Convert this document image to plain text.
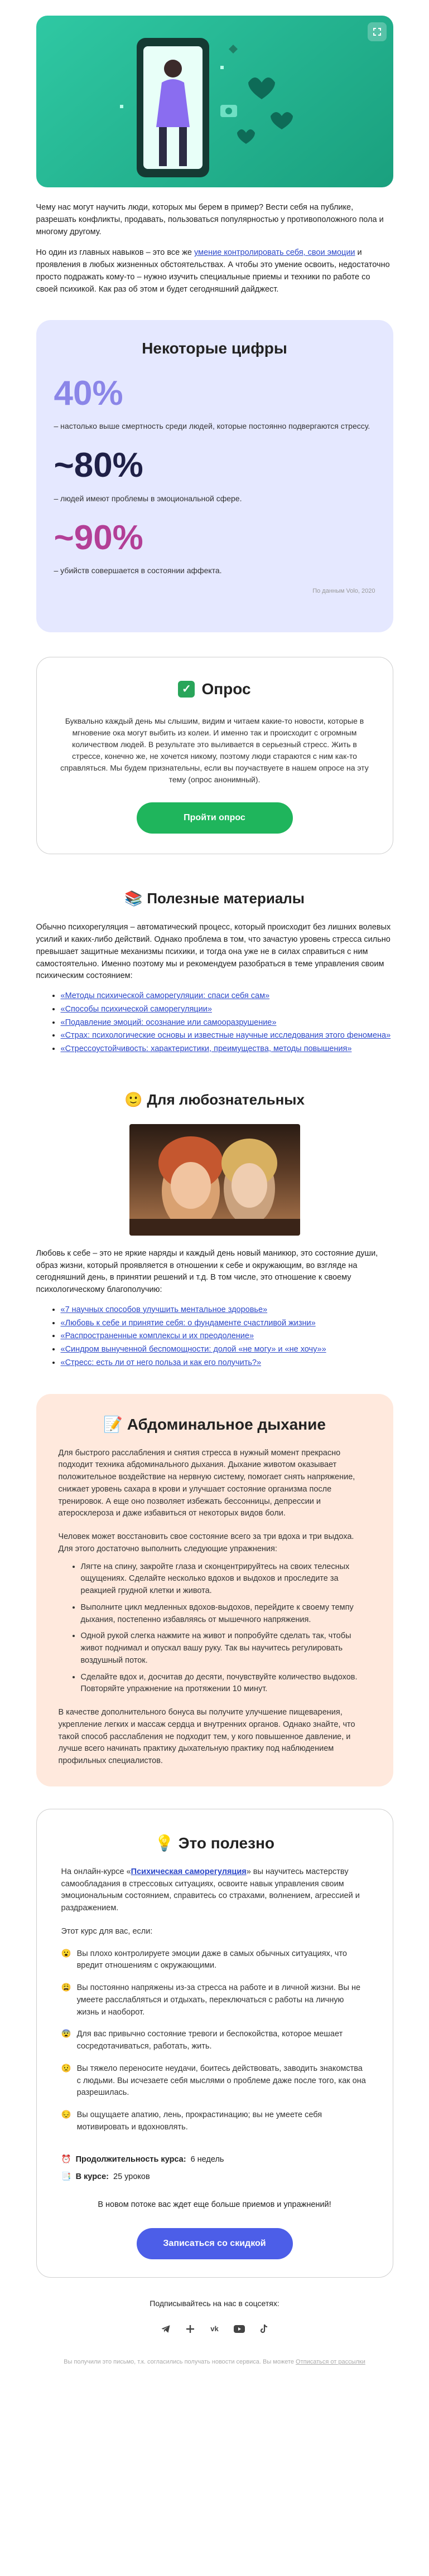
Чему нас могут научить люди, которых мы берем в пример? Вести себя на публике, разрешать конфликты, продавать, пользоваться популярностью у противоположного пола и многому другому.

Но один из главных навыков – это все же умение контролировать себя, свои эмоции и проявления в любых жизненных обстоятельствах. А чтобы это умение освоить, недостаточно просто подражать кому-то – нужно изучить специальные приемы и техники по работе со своей психикой. Как раз об этом и будет сегодняшний дайджест.

Некоторые цифры
40%
– настолько выше смертность среди людей, которые постоянно подвергаются стрессу.
~80%
– людей имеют проблемы в эмоциональной сфере.
~90%
– убийств совершается в состоянии аффекта.
По данным Volo, 2020
✓ Опрос

Буквально каждый день мы слышим, видим и читаем какие-то новости, которые в мгновение ока могут выбить из колеи. И именно так и происходит с огромным количеством людей. В результате это выливается в серьезный стресс. Жить в стрессе, конечно же, не хочется никому, поэтому люди стараются с ним как-то справляться. Мы будем признательны, если вы поучаствуете в нашем опросе на эту тему (опрос анонимный).

Пройти опрос
📚 Полезные материалы

Обычно психорегуляция – автоматический процесс, который происходит без лишних волевых усилий и каких-либо действий. Однако проблема в том, что зачастую уровень стресса сильно превышает защитные механизмы психики, и тогда она уже не в силах справиться с ним самостоятельно. Именно поэтому мы и рекомендуем разобраться в теме управления своим психическим состоянием:

• «Методы психической саморегуляции: спаси себя сам»
• «Способы психической саморегуляции»
• «Подавление эмоций: осознание или самооразрушение»
• «Страх: психологические основы и известные научные исследования этого феномена»
• «Стрессоустойчивость: характеристики, преимущества, методы повышения»
🙂 Для любознательных

Любовь к себе – это не яркие наряды и каждый день новый маникюр, это состояние души, образ жизни, который проявляется в отношении к себе и окружающим, во взгляде на сегодняшний день, в принятии решений и т.д. В том числе, это отношение к своему психологическому благополучию:

• «7 научных способов улучшить ментальное здоровье»
• «Любовь к себе и принятие себя: о фундаменте счастливой жизни»
• «Распространенные комплексы и их преодоление»
• «Синдром вынученной беспомощности: долой «не могу» и «не хочу»»
• «Стресс: есть ли от него польза и как его получить?»
📝 Абдоминальное дыхание

Для быстрого расслабления и снятия стресса в нужный момент прекрасно подходит техника абдоминального дыхания. Дыхание животом оказывает положительное воздействие на нервную систему, помогает снять напряжение, снижает уровень сахара в крови и улучшает состояние организма после тренировок. А еще оно позволяет избежать бессонницы, депрессии и атеросклероза и даже избавиться от некоторых видов боли.

Человек может восстановить свое состояние всего за три вдоха и три выдоха. Для этого достаточно выполнить следующие упражнения:

• Лягте на спину, закройте глаза и сконцентрируйтесь на своих телесных ощущениях. Сделайте несколько вдохов и выдохов и проследите за реакцией грудной клетки и живота.
• Выполните цикл медленных вдохов-выдохов, перейдите к своему темпу дыхания, постепенно избавляясь от мышечного напряжения.
• Одной рукой слегка нажмите на живот и попробуйте сделать так, чтобы живот поднимал и опускал вашу руку. Так вы научитесь регулировать воздушный поток.
• Сделайте вдох и, досчитав до десяти, почувствуйте количество выдохов. Повторяйте упражнение на протяжении 10 минут.

В качестве дополнительного бонуса вы получите улучшение пищеварения, укрепление легких и массаж сердца и внутренних органов. Однако знайте, что такой способ расслабления не подходит тем, у кого повышенное давление, и лучше всего начинать практику дыхательную практику под наблюдением профильных специалистов.

💡 Это полезно

На онлайн-курсе «Психическая саморегуляция» вы научитесь мастерству самообладания в стрессовых ситуациях, освоите навык управления своим эмоциональным состоянием, справитесь со страхами, волнением, агрессией и раздражением.

Этот курс для вас, если:

😮 Вы плохо контролируете эмоции даже в самых обычных ситуациях, что вредит отношениям с окружающими.
😩 Вы постоянно напряжены из-за стресса на работе и в личной жизни. Вы не умеете расслабляться и отдыхать, переключаться с работы на личную жизнь и наоборот.
😨 Для вас привычно состояние тревоги и беспокойства, которое мешает сосредотачиваться, работать, жить.
😟 Вы тяжело переносите неудачи, боитесь действовать, заводить знакомства с людьми. Вы исчезаете себя мыслями о проблеме даже после того, как она разрешилась.
😔 Вы ощущаете апатию, лень, прокрастинацию; вы не умеете себя мотивировать и вдохновлять.
⏰ Продолжительность курса: 6 недель
📑 В курсе: 25 уроков
В новом потоке вас ждет еще больше приемов и упражнений!
Записаться со скидкой
Подписывайтесь на нас в соцсетях:
vk
Вы получили это письмо, т.к. согласились получать новости сервиса. Вы можете Отписаться от рассылки
